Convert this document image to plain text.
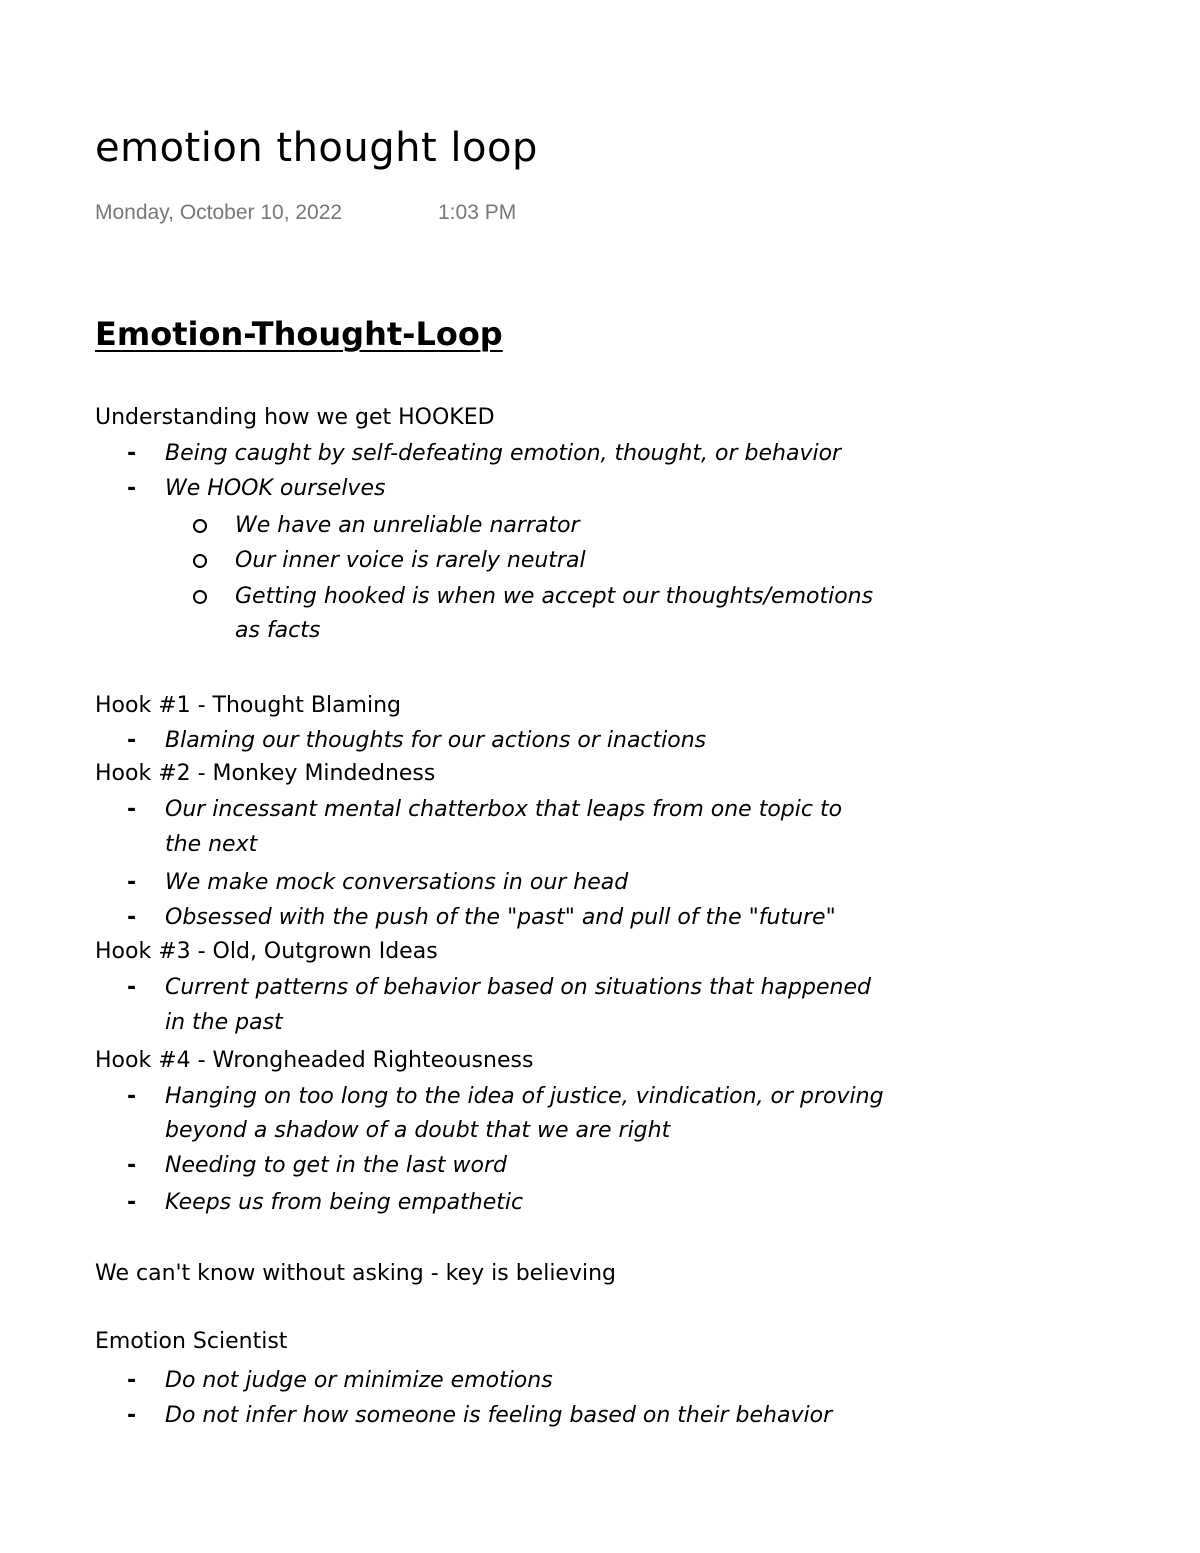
emotion thought loop
Monday, October 10, 2022	1:03 PM
Emotion-Thought-Loop
Understanding how we get HOOKED
- Being caught by self-defeating emotion, thought, or behavior
- We HOOK ourselves
We have an unreliable narrator
Our inner voice is rarely neutral
Getting hooked is when we accept our thoughts/emotions
as facts
Hook #1 - Thought Blaming
- Blaming our thoughts for our actions or inactions
Hook #2 - Monkey Mindedness
- Our incessant mental chatterbox that leaps from one topic to
the next
- We make mock conversations in our head
- Obsessed with the push of the "past" and pull of the "future"
Hook #3 - Old, Outgrown Ideas
- Current patterns of behavior based on situations that happened
in the past
Hook #4 - Wrongheaded Righteousness
- Hanging on too long to the idea of justice, vindication, or proving
beyond a shadow of a doubt that we are right
- Needing to get in the last word
- Keeps us from being empathetic
We can't know without asking - key is believing
Emotion Scientist
- Do not judge or minimize emotions
- Do not infer how someone is feeling based on their behavior
